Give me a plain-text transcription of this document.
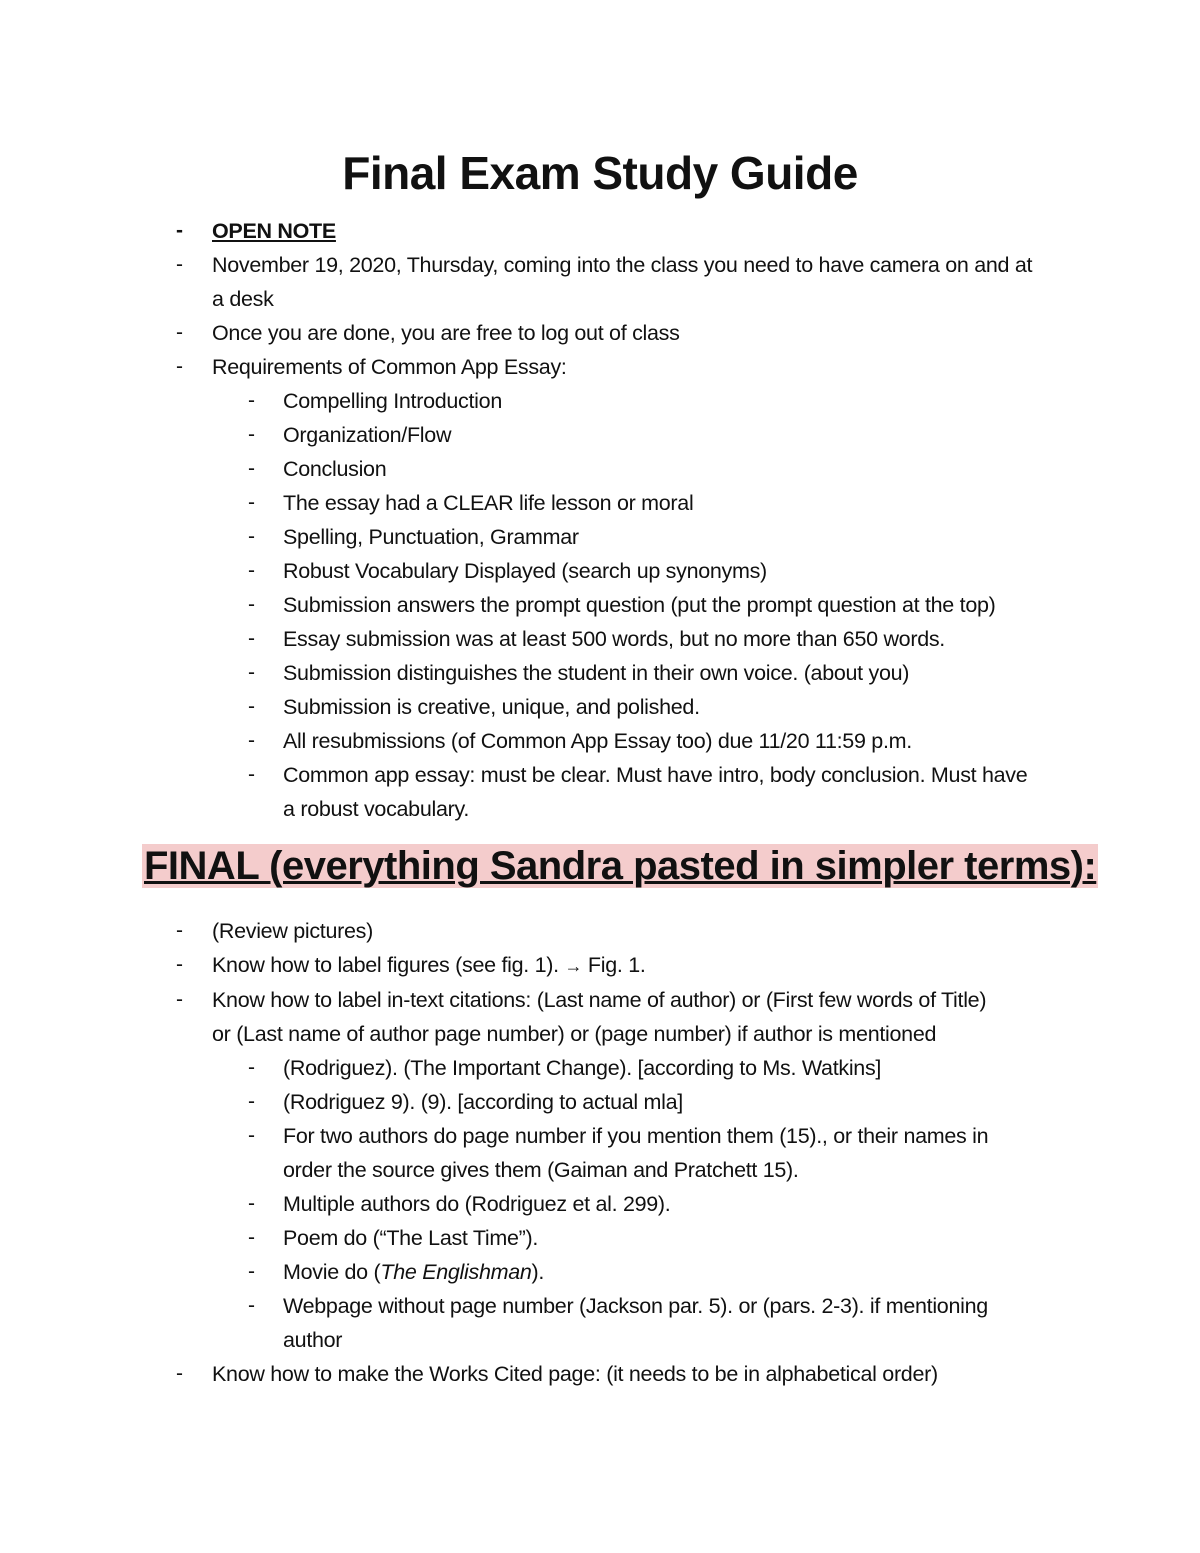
Final Exam Study Guide
- OPEN NOTE
- November 19, 2020, Thursday, coming into the class you need to have camera on and at
a desk
- Once you are done, you are free to log out of class
- Requirements of Common App Essay:
- Compelling Introduction
- Organization/Flow
- Conclusion
- The essay had a CLEAR life lesson or moral
- Spelling, Punctuation, Grammar
- Robust Vocabulary Displayed (search up synonyms)
- Submission answers the prompt question (put the prompt question at the top)
- Essay submission was at least 500 words, but no more than 650 words.
- Submission distinguishes the student in their own voice. (about you)
- Submission is creative, unique, and polished.
- All resubmissions (of Common App Essay too) due 11/20 11:59 p.m.
- Common app essay: must be clear. Must have intro, body conclusion. Must have
a robust vocabulary.
FINAL (everything Sandra pasted in simpler terms):
- (Review pictures)
- Know how to label figures (see fig. 1). → Fig. 1.
- Know how to label in-text citations: (Last name of author) or (First few words of Title)
or (Last name of author page number) or (page number) if author is mentioned
- (Rodriguez). (The Important Change). [according to Ms. Watkins]
- (Rodriguez 9). (9). [according to actual mla]
- For two authors do page number if you mention them (15)., or their names in
order the source gives them (Gaiman and Pratchett 15).
- Multiple authors do (Rodriguez et al. 299).
- Poem do (“The Last Time”).
- Movie do (The Englishman).
- Webpage without page number (Jackson par. 5). or (pars. 2-3). if mentioning
author
- Know how to make the Works Cited page: (it needs to be in alphabetical order)
